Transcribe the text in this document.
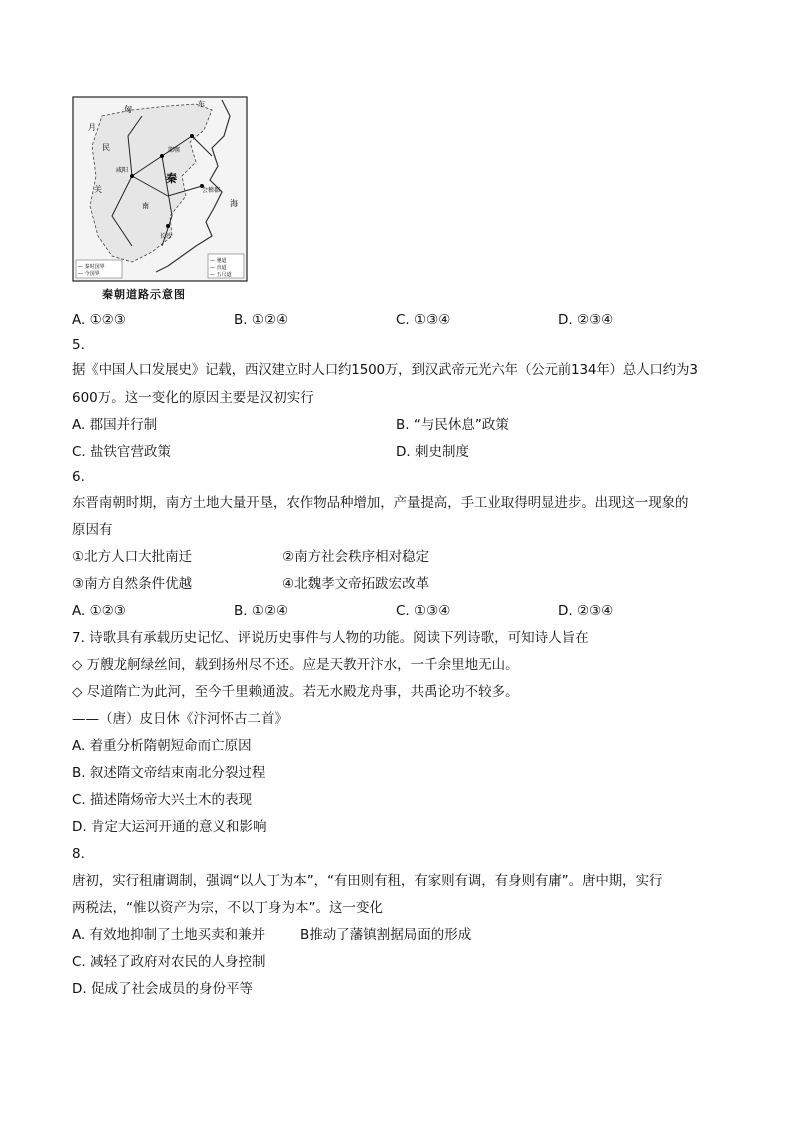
匈
月
民
关
秦
南
东
海
会稽郡
邯郸
咸阳
长沙
— 秦时国界
— 今国界
— 驰道
— 直道
— 五尺道
秦朝道路示意图
A. ①②③	B. ①②④	C. ①③④	D. ②③④
5.
据《中国人口发展史》记载，西汉建立时人口约1500万，到汉武帝元光六年（公元前134年）总人口约为3
600万。这一变化的原因主要是汉初实行
A. 郡国并行制	B. “与民休息”政策
C. 盐铁官营政策	D. 刺史制度
6.
东晋南朝时期，南方土地大量开垦，农作物品种增加，产量提高，手工业取得明显进步。出现这一现象的
原因有
①北方人口大批南迁	②南方社会秩序相对稳定
③南方自然条件优越	④北魏孝文帝拓跋宏改革
A. ①②③	B. ①②④	C. ①③④	D. ②③④
7. 诗歌具有承载历史记忆、评说历史事件与人物的功能。阅读下列诗歌，可知诗人旨在
◇ 万艘龙舸绿丝间，载到扬州尽不还。应是天教开汴水，一千余里地无山。
◇ 尽道隋亡为此河，至今千里赖通波。若无水殿龙舟事，共禹论功不较多。
——（唐）皮日休《汴河怀古二首》
A. 着重分析隋朝短命而亡原因
B. 叙述隋文帝结束南北分裂过程
C. 描述隋炀帝大兴土木的表现
D. 肯定大运河开通的意义和影响
8.
唐初，实行租庸调制，强调“以人丁为本”，“有田则有租，有家则有调，有身则有庸”。唐中期，实行
两税法，“惟以资产为宗，不以丁身为本”。这一变化
A. 有效地抑制了土地买卖和兼并	B推动了藩镇割据局面的形成
C. 减轻了政府对农民的人身控制
D. 促成了社会成员的身份平等
